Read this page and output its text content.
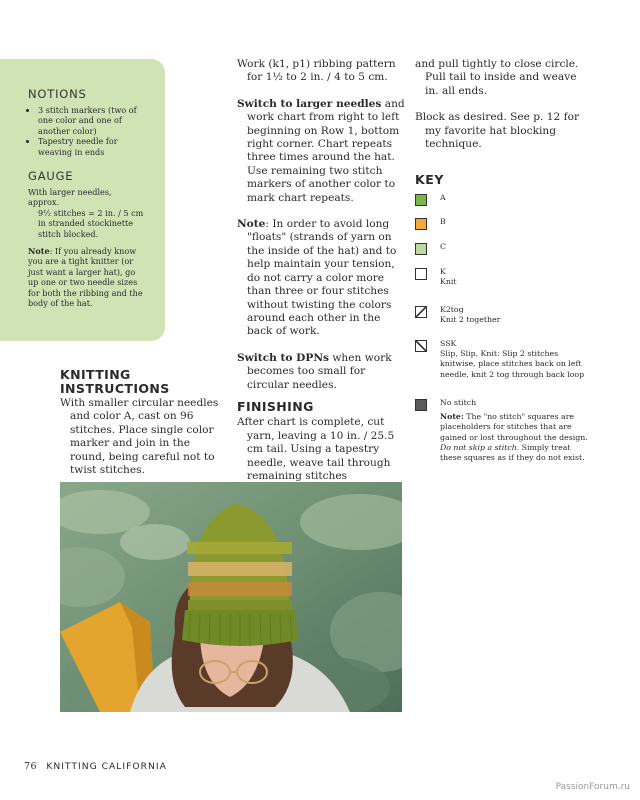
NOTIONS
• 3 stitch markers (two of one color and one of another color)
• Tapestry needle for weaving in ends
GAUGE

With larger needles, approx.

9½ stitches = 2 in. / 5 cm in stranded stockinette stitch blocked.

Note: If you already know you are a tight knitter (or just want a larger hat), go up one or two needle sizes for both the ribbing and the body of the hat.

KNITTING INSTRUCTIONS

With smaller circular needles and color A, cast on 96 stitches. Place single color marker and join in the round, being careful not to twist stitches.

Work (k1, p1) ribbing pattern for 1½ to 2 in. / 4 to 5 cm.

Switch to larger needles and work chart from right to left beginning on Row 1, bottom right corner. Chart repeats three times around the hat. Use remaining two stitch markers of another color to mark chart repeats.

Note: In order to avoid long "floats" (strands of yarn on the inside of the hat) and to help maintain your tension, do not carry a color more than three or four stitches without twisting the colors around each other in the back of work.

Switch to DPNs when work becomes too small for circular needles.

FINISHING

After chart is complete, cut yarn, leaving a 10 in. / 25.5 cm tail. Using a tapestry needle, weave tail through remaining stitches

and pull tightly to close circle. Pull tail to inside and weave in. all ends.

Block as desired. See p. 12 for my favorite hat blocking technique.

KEY
A
B
C
K
Knit
K2tog
Knit 2 together
SSK
Slip, Slip, Knit: Slip 2 stitches knitwise, place stitches back on left needle, knit 2 tog through back loop
No stitch
Note: The "no stitch" squares are placeholders for stitches that are gained or lost throughout the design. Do not skip a stitch. Simply treat these squares as if they do not exist.
76 KNITTING CALIFORNIA
PassionForum.ru
